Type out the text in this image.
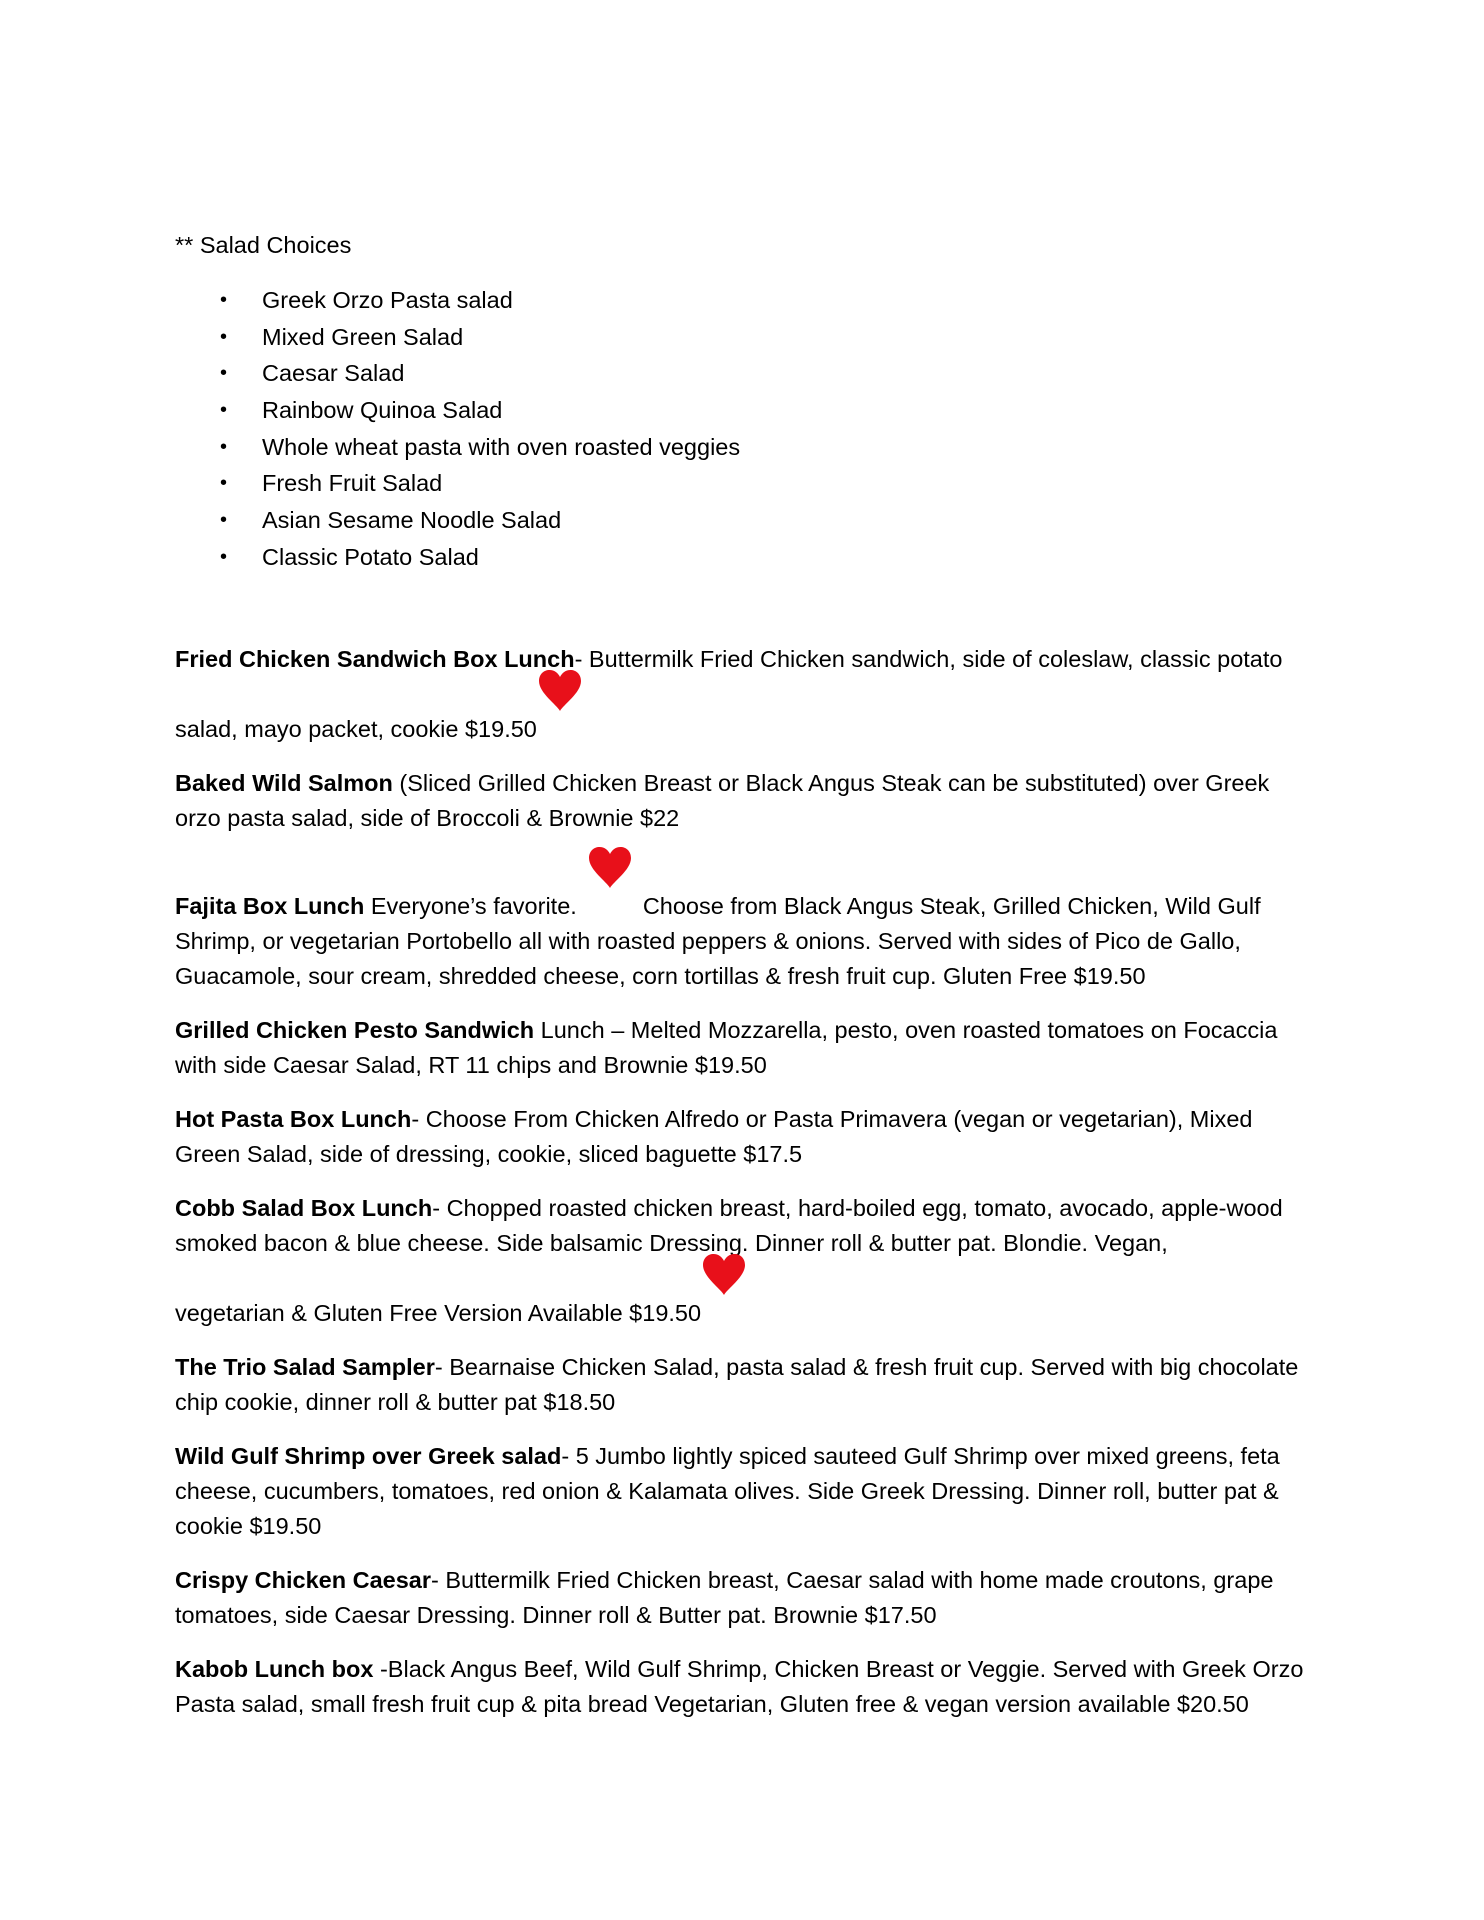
** Salad Choices

• Greek Orzo Pasta salad
• Mixed Green Salad
• Caesar Salad
• Rainbow Quinoa Salad
• Whole wheat pasta with oven roasted veggies
• Fresh Fruit Salad
• Asian Sesame Noodle Salad
• Classic Potato Salad

Fried Chicken Sandwich Box Lunch- Buttermilk Fried Chicken sandwich, side of coleslaw, classic potato
salad, mayo packet, cookie $19.50

Baked Wild Salmon (Sliced Grilled Chicken Breast or Black Angus Steak can be substituted) over Greek orzo pasta salad, side of Broccoli & Brownie $22

Fajita Box Lunch Everyone’s favorite.	Choose from Black Angus Steak, Grilled Chicken, Wild Gulf Shrimp, or vegetarian Portobello all with roasted peppers & onions. Served with sides of Pico de Gallo, Guacamole, sour cream, shredded cheese, corn tortillas & fresh fruit cup. Gluten Free $19.50

Grilled Chicken Pesto Sandwich Lunch – Melted Mozzarella, pesto, oven roasted tomatoes on Focaccia with side Caesar Salad, RT 11 chips and Brownie $19.50

Hot Pasta Box Lunch- Choose From Chicken Alfredo or Pasta Primavera (vegan or vegetarian), Mixed Green Salad, side of dressing, cookie, sliced baguette $17.5

Cobb Salad Box Lunch- Chopped roasted chicken breast, hard-boiled egg, tomato, avocado, apple-wood smoked bacon & blue cheese. Side balsamic Dressing. Dinner roll & butter pat. Blondie. Vegan,
vegetarian & Gluten Free Version Available $19.50

The Trio Salad Sampler- Bearnaise Chicken Salad, pasta salad & fresh fruit cup. Served with big chocolate chip cookie, dinner roll & butter pat $18.50

Wild Gulf Shrimp over Greek salad- 5 Jumbo lightly spiced sauteed Gulf Shrimp over mixed greens, feta cheese, cucumbers, tomatoes, red onion & Kalamata olives. Side Greek Dressing. Dinner roll, butter pat & cookie $19.50

Crispy Chicken Caesar- Buttermilk Fried Chicken breast, Caesar salad with home made croutons, grape tomatoes, side Caesar Dressing. Dinner roll & Butter pat. Brownie $17.50

Kabob Lunch box -Black Angus Beef, Wild Gulf Shrimp, Chicken Breast or Veggie. Served with Greek Orzo Pasta salad, small fresh fruit cup & pita bread Vegetarian, Gluten free & vegan version available $20.50
